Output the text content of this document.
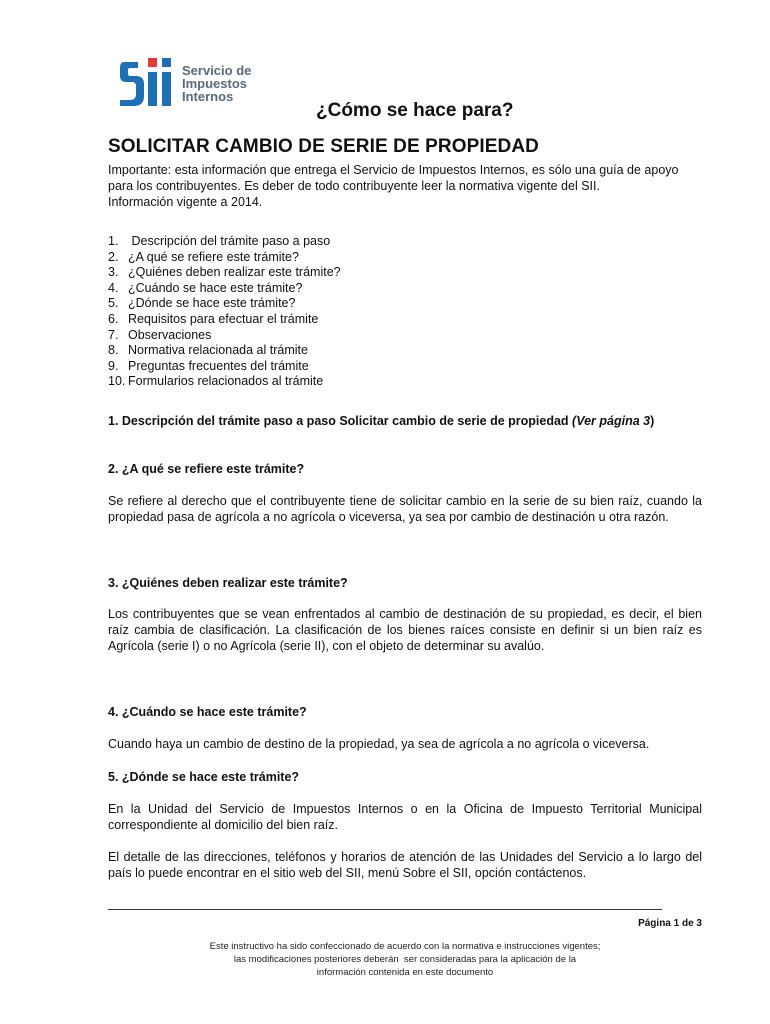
Servicio de
Impuestos
Internos
¿Cómo se hace para?
SOLICITAR CAMBIO DE SERIE DE PROPIEDAD
Importante: esta información que entrega el Servicio de Impuestos Internos, es sólo una guía de apoyo
para los contribuyentes. Es deber de todo contribuyente leer la normativa vigente del SII.
Información vigente a 2014.
1. Descripción del trámite paso a paso
2. ¿A qué se refiere este trámite?
3. ¿Quiénes deben realizar este trámite?
4. ¿Cuándo se hace este trámite?
5. ¿Dónde se hace este trámite?
6. Requisitos para efectuar el trámite
7. Observaciones
8. Normativa relacionada al trámite
9. Preguntas frecuentes del trámite
10. Formularios relacionados al trámite
1. Descripción del trámite paso a paso Solicitar cambio de serie de propiedad (Ver página 3)
2. ¿A qué se refiere este trámite?
Se refiere al derecho que el contribuyente tiene de solicitar cambio en la serie de su bien raíz, cuando la propiedad pasa de agrícola a no agrícola o viceversa, ya sea por cambio de destinación u otra razón.
3. ¿Quiénes deben realizar este trámite?
Los contribuyentes que se vean enfrentados al cambio de destinación de su propiedad, es decir, el bien raíz cambia de clasificación. La clasificación de los bienes raíces consiste en definir si un bien raíz es Agrícola (serie I) o no Agrícola (serie II), con el objeto de determinar su avalúo.
4. ¿Cuándo se hace este trámite?
Cuando haya un cambio de destino de la propiedad, ya sea de agrícola a no agrícola o viceversa.
5. ¿Dónde se hace este trámite?
En la Unidad del Servicio de Impuestos Internos o en la Oficina de Impuesto Territorial Municipal correspondiente al domicilio del bien raíz.
El detalle de las direcciones, teléfonos y horarios de atención de las Unidades del Servicio a lo largo del país lo puede encontrar en el sitio web del SII, menú Sobre el SII, opción contáctenos.
Página 1 de 3
Este instructivo ha sido confeccionado de acuerdo con la normativa e instrucciones vigentes;
las modificaciones posteriores deberán  ser consideradas para la aplicación de la
información contenida en este documento
